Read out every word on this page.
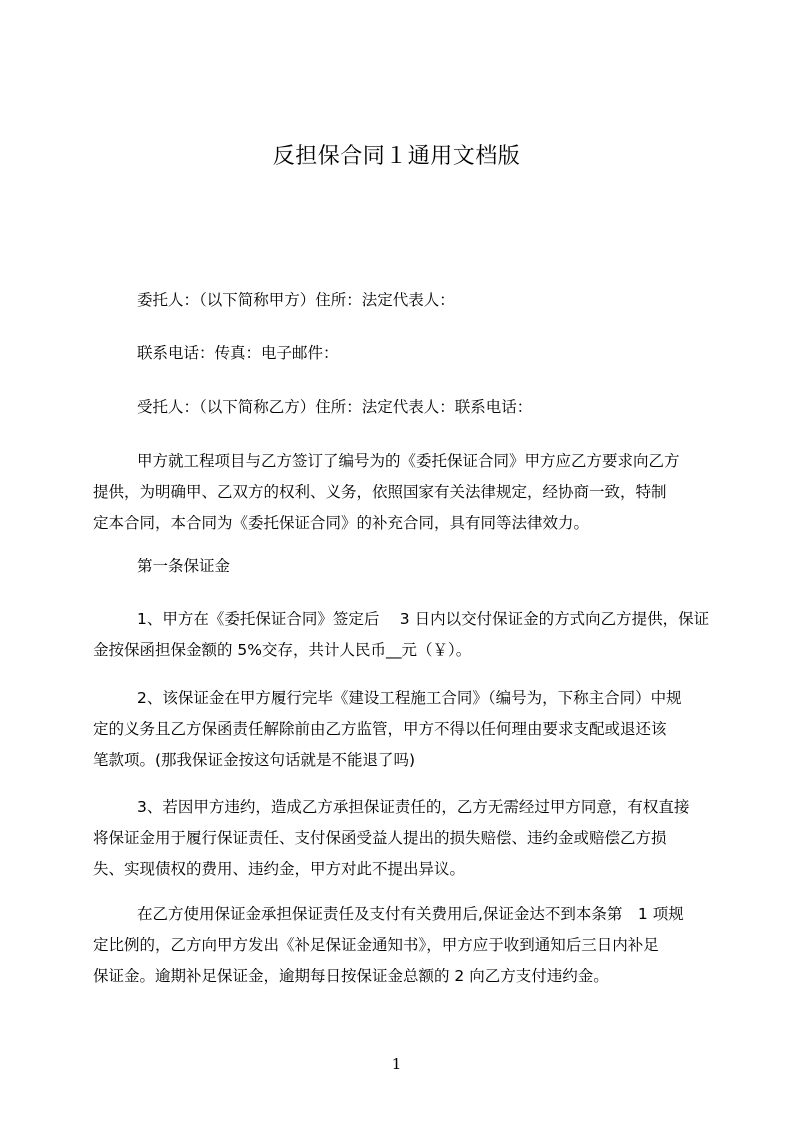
反担保合同１通用文档版

委托人：（以下简称甲方）住所：法定代表人：

联系电话：传真：电子邮件：

受托人：（以下简称乙方）住所：法定代表人：联系电话：

甲方就工程项目与乙方签订了编号为的《委托保证合同》甲方应乙方要求向乙方
提供，为明确甲、乙双方的权利、义务，依照国家有关法律规定，经协商一致，特制
定本合同，本合同为《委托保证合同》的补充合同，具有同等法律效力。

第一条保证金

1、甲方在《委托保证合同》签定后　 3 日内以交付保证金的方式向乙方提供，保证
金按保函担保金额的 5%交存，共计人民币__元（￥）。
2、该保证金在甲方履行完毕《建设工程施工合同》（编号为，下称主合同）中规
定的义务且乙方保函责任解除前由乙方监管，甲方不得以任何理由要求支配或退还该
笔款项。(那我保证金按这句话就是不能退了吗)
3、若因甲方违约，造成乙方承担保证责任的，乙方无需经过甲方同意，有权直接
将保证金用于履行保证责任、支付保函受益人提出的损失赔偿、违约金或赔偿乙方损
失、实现债权的费用、违约金，甲方对此不提出异议。
在乙方使用保证金承担保证责任及支付有关费用后,保证金达不到本条第　1 项规
定比例的，乙方向甲方发出《补足保证金通知书》，甲方应于收到通知后三日内补足
保证金。逾期补足保证金，逾期每日按保证金总额的 2 向乙方支付违约金。
1
